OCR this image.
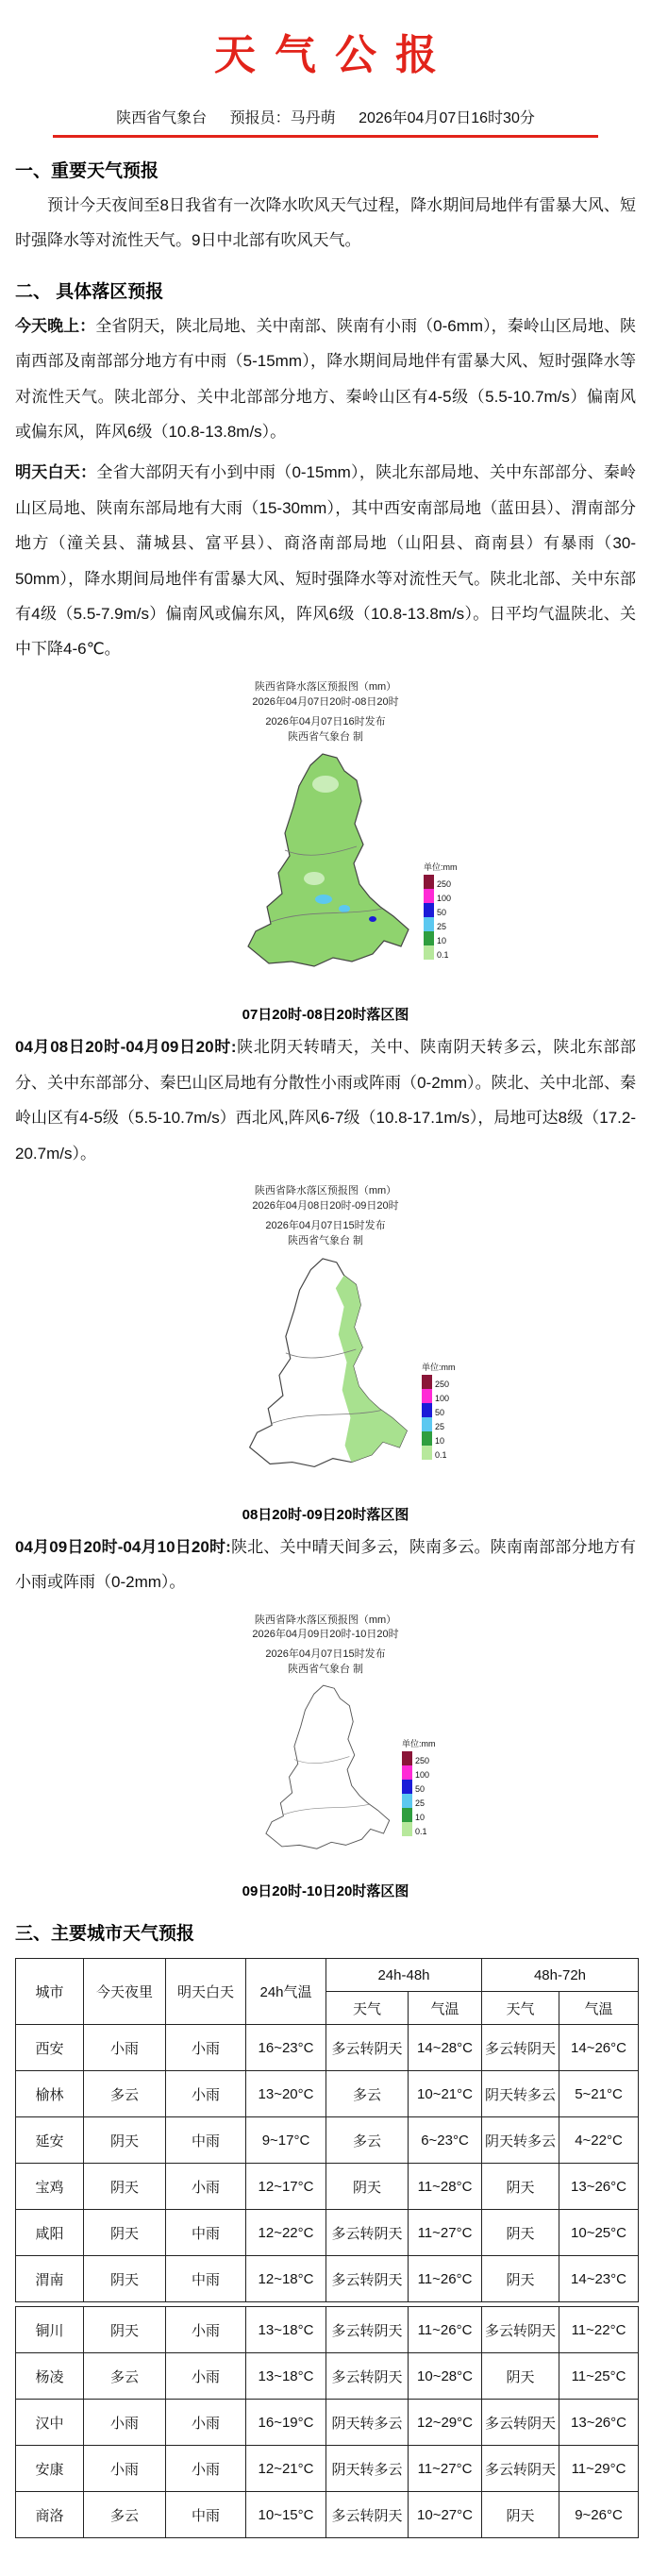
天气公报
陕西省气象台 预报员：马丹萌 2026年04月07日16时30分
一、重要天气预报

预计今天夜间至8日我省有一次降水吹风天气过程，降水期间局地伴有雷暴大风、短时强降水等对流性天气。9日中北部有吹风天气。

二、 具体落区预报

今天晚上：全省阴天，陕北局地、关中南部、陕南有小雨（0-6mm），秦岭山区局地、陕南西部及南部部分地方有中雨（5-15mm），降水期间局地伴有雷暴大风、短时强降水等对流性天气。陕北部分、关中北部部分地方、秦岭山区有4-5级（5.5-10.7m/s）偏南风或偏东风，阵风6级（10.8-13.8m/s）。

明天白天：全省大部阴天有小到中雨（0-15mm），陕北东部局地、关中东部部分、秦岭山区局地、陕南东部局地有大雨（15-30mm），其中西安南部局地（蓝田县）、渭南部分地方（潼关县、蒲城县、富平县）、商洛南部局地（山阳县、商南县）有暴雨（30-50mm），降水期间局地伴有雷暴大风、短时强降水等对流性天气。陕北北部、关中东部有4级（5.5-7.9m/s）偏南风或偏东风，阵风6级（10.8-13.8m/s）。日平均气温陕北、关中下降4-6℃。

陕西省降水落区预报图（mm）
2026年04月07日20时-08日20时
2026年04月07日16时发布
陕西省气象台 制
单位:mm
250
100
50
25
10
0.1
07日20时-08日20时落区图

04月08日20时-04月09日20时:陕北阴天转晴天，关中、陕南阴天转多云，陕北东部部分、关中东部部分、秦巴山区局地有分散性小雨或阵雨（0-2mm）。陕北、关中北部、秦岭山区有4-5级（5.5-10.7m/s）西北风,阵风6-7级（10.8-17.1m/s），局地可达8级（17.2-20.7m/s）。

陕西省降水落区预报图（mm）
2026年04月08日20时-09日20时
2026年04月07日15时发布
陕西省气象台 制
单位:mm
250
100
50
25
10
0.1
08日20时-09日20时落区图

04月09日20时-04月10日20时:陕北、关中晴天间多云，陕南多云。陕南南部部分地方有小雨或阵雨（0-2mm）。

陕西省降水落区预报图（mm）
2026年04月09日20时-10日20时
2026年04月07日15时发布
陕西省气象台 制
单位:mm
250
100
50
25
10
0.1
09日20时-10日20时落区图
三、主要城市天气预报
城市	今天夜里	明天白天	24h气温	24h-48h		48h-72h	
				天气	气温	天气	气温
西安	小雨	小雨	16~23°C	多云转阴天	14~28°C	多云转阴天	14~26°C
榆林	多云	小雨	13~20°C	多云	10~21°C	阴天转多云	5~21°C
延安	阴天	中雨	9~17°C	多云	6~23°C	阴天转多云	4~22°C
宝鸡	阴天	小雨	12~17°C	阴天	11~28°C	阴天	13~26°C
咸阳	阴天	中雨	12~22°C	多云转阴天	11~27°C	阴天	10~25°C
渭南	阴天	中雨	12~18°C	多云转阴天	11~26°C	阴天	14~23°C
铜川	阴天	小雨	13~18°C	多云转阴天	11~26°C	多云转阴天	11~22°C
杨凌	多云	小雨	13~18°C	多云转阴天	10~28°C	阴天	11~25°C
汉中	小雨	小雨	16~19°C	阴天转多云	12~29°C	多云转阴天	13~26°C
安康	小雨	小雨	12~21°C	阴天转多云	11~27°C	多云转阴天	11~29°C
商洛	多云	中雨	10~15°C	多云转阴天	10~27°C	阴天	9~26°C
